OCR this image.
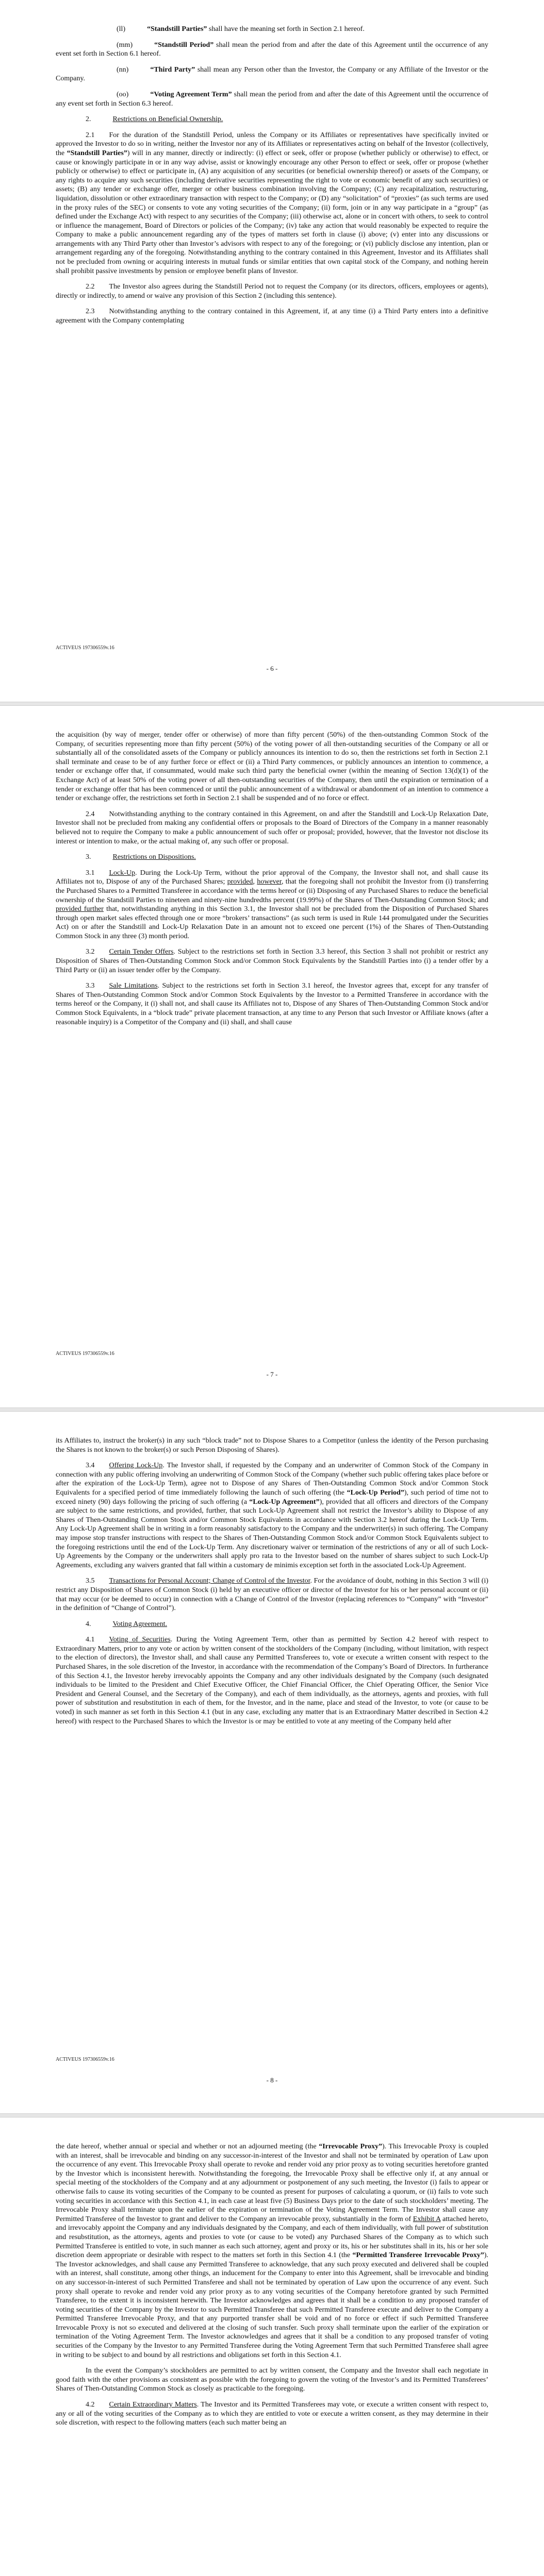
(ll)	“Standstill Parties” shall have the meaning set forth in Section 2.1 hereof.

(mm)	“Standstill Period” shall mean the period from and after the date of this Agreement until the occurrence of any event set forth in Section 6.1 hereof.

(nn)	“Third Party” shall mean any Person other than the Investor, the Company or any Affiliate of the Investor or the Company.

(oo)	“Voting Agreement Term” shall mean the period from and after the date of this Agreement until the occurrence of any event set forth in Section 6.3 hereof.

2.	Restrictions on Beneficial Ownership.

2.1 For the duration of the Standstill Period, unless the Company or its Affiliates or representatives have specifically invited or approved the Investor to do so in writing, neither the Investor nor any of its Affiliates or representatives acting on behalf of the Investor (collectively, the “Standstill Parties”) will in any manner, directly or indirectly: (i) effect or seek, offer or propose (whether publicly or otherwise) to effect, or cause or knowingly participate in or in any way advise, assist or knowingly encourage any other Person to effect or seek, offer or propose (whether publicly or otherwise) to effect or participate in, (A) any acquisition of any securities (or beneficial ownership thereof) or assets of the Company, or any rights to acquire any such securities (including derivative securities representing the right to vote or economic benefit of any such securities) or assets; (B) any tender or exchange offer, merger or other business combination involving the Company; (C) any recapitalization, restructuring, liquidation, dissolution or other extraordinary transaction with respect to the Company; or (D) any “solicitation” of “proxies” (as such terms are used in the proxy rules of the SEC) or consents to vote any voting securities of the Company; (ii) form, join or in any way participate in a “group” (as defined under the Exchange Act) with respect to any securities of the Company; (iii) otherwise act, alone or in concert with others, to seek to control or influence the management, Board of Directors or policies of the Company; (iv) take any action that would reasonably be expected to require the Company to make a public announcement regarding any of the types of matters set forth in clause (i) above; (v) enter into any discussions or arrangements with any Third Party other than Investor’s advisors with respect to any of the foregoing; or (vi) publicly disclose any intention, plan or arrangement regarding any of the foregoing. Notwithstanding anything to the contrary contained in this Agreement, Investor and its Affiliates shall not be precluded from owning or acquiring interests in mutual funds or similar entities that own capital stock of the Company, and nothing herein shall prohibit passive investments by pension or employee benefit plans of Investor.

2.2 The Investor also agrees during the Standstill Period not to request the Company (or its directors, officers, employees or agents), directly or indirectly, to amend or waive any provision of this Section 2 (including this sentence).

2.3 Notwithstanding anything to the contrary contained in this Agreement, if, at any time (i) a Third Party enters into a definitive agreement with the Company contemplating

ACTIVEUS 197306559v.16
- 6 -

the acquisition (by way of merger, tender offer or otherwise) of more than fifty percent (50%) of the then-outstanding Common Stock of the Company, of securities representing more than fifty percent (50%) of the voting power of all then-outstanding securities of the Company or all or substantially all of the consolidated assets of the Company or publicly announces its intention to do so, then the restrictions set forth in Section 2.1 shall terminate and cease to be of any further force or effect or (ii) a Third Party commences, or publicly announces an intention to commence, a tender or exchange offer that, if consummated, would make such third party the beneficial owner (within the meaning of Section 13(d)(1) of the Exchange Act) of at least 50% of the voting power of all then-outstanding securities of the Company, then until the expiration or termination of a tender or exchange offer that has been commenced or until the public announcement of a withdrawal or abandonment of an intention to commence a tender or exchange offer, the restrictions set forth in Section 2.1 shall be suspended and of no force or effect.

2.4 Notwithstanding anything to the contrary contained in this Agreement, on and after the Standstill and Lock-Up Relaxation Date, Investor shall not be precluded from making any confidential offers or proposals to the Board of Directors of the Company in a manner reasonably believed not to require the Company to make a public announcement of such offer or proposal; provided, however, that the Investor not disclose its interest or intention to make, or the actual making of, any such offer or proposal.

3.	Restrictions on Dispositions.

3.1 Lock-Up. During the Lock-Up Term, without the prior approval of the Company, the Investor shall not, and shall cause its Affiliates not to, Dispose of any of the Purchased Shares; provided, however, that the foregoing shall not prohibit the Investor from (i) transferring the Purchased Shares to a Permitted Transferee in accordance with the terms hereof or (ii) Disposing of any Purchased Shares to reduce the beneficial ownership of the Standstill Parties to nineteen and ninety-nine hundredths percent (19.99%) of the Shares of Then-Outstanding Common Stock; and provided further that, notwithstanding anything in this Section 3.1, the Investor shall not be precluded from the Disposition of Purchased Shares through open market sales effected through one or more “brokers’ transactions” (as such term is used in Rule 144 promulgated under the Securities Act) on or after the Standstill and Lock-Up Relaxation Date in an amount not to exceed one percent (1%) of the Shares of Then-Outstanding Common Stock in any three (3) month period.

3.2 Certain Tender Offers. Subject to the restrictions set forth in Section 3.3 hereof, this Section 3 shall not prohibit or restrict any Disposition of Shares of Then-Outstanding Common Stock and/or Common Stock Equivalents by the Standstill Parties into (i) a tender offer by a Third Party or (ii) an issuer tender offer by the Company.

3.3 Sale Limitations. Subject to the restrictions set forth in Section 3.1 hereof, the Investor agrees that, except for any transfer of Shares of Then-Outstanding Common Stock and/or Common Stock Equivalents by the Investor to a Permitted Transferee in accordance with the terms hereof or the Company, it (i) shall not, and shall cause its Affiliates not to, Dispose of any Shares of Then-Outstanding Common Stock and/or Common Stock Equivalents, in a “block trade” private placement transaction, at any time to any Person that such Investor or Affiliate knows (after a reasonable inquiry) is a Competitor of the Company and (ii) shall, and shall cause

ACTIVEUS 197306559v.16
- 7 -

its Affiliates to, instruct the broker(s) in any such “block trade” not to Dispose Shares to a Competitor (unless the identity of the Person purchasing the Shares is not known to the broker(s) or such Person Disposing of Shares).

3.4 Offering Lock-Up. The Investor shall, if requested by the Company and an underwriter of Common Stock of the Company in connection with any public offering involving an underwriting of Common Stock of the Company (whether such public offering takes place before or after the expiration of the Lock-Up Term), agree not to Dispose of any Shares of Then-Outstanding Common Stock and/or Common Stock Equivalents for a specified period of time immediately following the launch of such offering (the “Lock-Up Period”), such period of time not to exceed ninety (90) days following the pricing of such offering (a “Lock-Up Agreement”), provided that all officers and directors of the Company are subject to the same restrictions, and provided, further, that such Lock-Up Agreement shall not restrict the Investor’s ability to Dispose of any Shares of Then-Outstanding Common Stock and/or Common Stock Equivalents in accordance with Section 3.2 hereof during the Lock-Up Term. Any Lock-Up Agreement shall be in writing in a form reasonably satisfactory to the Company and the underwriter(s) in such offering. The Company may impose stop transfer instructions with respect to the Shares of Then-Outstanding Common Stock and/or Common Stock Equivalents subject to the foregoing restrictions until the end of the Lock-Up Term. Any discretionary waiver or termination of the restrictions of any or all of such Lock-Up Agreements by the Company or the underwriters shall apply pro rata to the Investor based on the number of shares subject to such Lock-Up Agreements, excluding any waivers granted that fall within a customary de minimis exception set forth in the associated Lock-Up Agreement.

3.5 Transactions for Personal Account; Change of Control of the Investor. For the avoidance of doubt, nothing in this Section 3 will (i) restrict any Disposition of Shares of Common Stock (i) held by an executive officer or director of the Investor for his or her personal account or (ii) that may occur (or be deemed to occur) in connection with a Change of Control of the Investor (replacing references to “Company” with “Investor” in the definition of “Change of Control”).

4.	Voting Agreement.

4.1 Voting of Securities. During the Voting Agreement Term, other than as permitted by Section 4.2 hereof with respect to Extraordinary Matters, prior to any vote or action by written consent of the stockholders of the Company (including, without limitation, with respect to the election of directors), the Investor shall, and shall cause any Permitted Transferees to, vote or execute a written consent with respect to the Purchased Shares, in the sole discretion of the Investor, in accordance with the recommendation of the Company’s Board of Directors. In furtherance of this Section 4.1, the Investor hereby irrevocably appoints the Company and any other individuals designated by the Company (such designated individuals to be limited to the President and Chief Executive Officer, the Chief Financial Officer, the Chief Operating Officer, the Senior Vice President and General Counsel, and the Secretary of the Company), and each of them individually, as the attorneys, agents and proxies, with full power of substitution and resubstitution in each of them, for the Investor, and in the name, place and stead of the Investor, to vote (or cause to be voted) in such manner as set forth in this Section 4.1 (but in any case, excluding any matter that is an Extraordinary Matter described in Section 4.2 hereof) with respect to the Purchased Shares to which the Investor is or may be entitled to vote at any meeting of the Company held after

ACTIVEUS 197306559v.16
- 8 -

the date hereof, whether annual or special and whether or not an adjourned meeting (the “Irrevocable Proxy”). This Irrevocable Proxy is coupled with an interest, shall be irrevocable and binding on any successor-in-interest of the Investor and shall not be terminated by operation of Law upon the occurrence of any event. This Irrevocable Proxy shall operate to revoke and render void any prior proxy as to voting securities heretofore granted by the Investor which is inconsistent herewith. Notwithstanding the foregoing, the Irrevocable Proxy shall be effective only if, at any annual or special meeting of the stockholders of the Company and at any adjournment or postponement of any such meeting, the Investor (i) fails to appear or otherwise fails to cause its voting securities of the Company to be counted as present for purposes of calculating a quorum, or (ii) fails to vote such voting securities in accordance with this Section 4.1, in each case at least five (5) Business Days prior to the date of such stockholders’ meeting. The Irrevocable Proxy shall terminate upon the earlier of the expiration or termination of the Voting Agreement Term. The Investor shall cause any Permitted Transferee of the Investor to grant and deliver to the Company an irrevocable proxy, substantially in the form of Exhibit A attached hereto, and irrevocably appoint the Company and any individuals designated by the Company, and each of them individually, with full power of substitution and resubstitution, as the attorneys, agents and proxies to vote (or cause to be voted) any Purchased Shares of the Company as to which such Permitted Transferee is entitled to vote, in such manner as each such attorney, agent and proxy or its, his or her substitutes shall in its, his or her sole discretion deem appropriate or desirable with respect to the matters set forth in this Section 4.1 (the “Permitted Transferee Irrevocable Proxy”). The Investor acknowledges, and shall cause any Permitted Transferee to acknowledge, that any such proxy executed and delivered shall be coupled with an interest, shall constitute, among other things, an inducement for the Company to enter into this Agreement, shall be irrevocable and binding on any successor-in-interest of such Permitted Transferee and shall not be terminated by operation of Law upon the occurrence of any event. Such proxy shall operate to revoke and render void any prior proxy as to any voting securities of the Company heretofore granted by such Permitted Transferee, to the extent it is inconsistent herewith. The Investor acknowledges and agrees that it shall be a condition to any proposed transfer of voting securities of the Company by the Investor to such Permitted Transferee that such Permitted Transferee execute and deliver to the Company a Permitted Transferee Irrevocable Proxy, and that any purported transfer shall be void and of no force or effect if such Permitted Transferee Irrevocable Proxy is not so executed and delivered at the closing of such transfer. Such proxy shall terminate upon the earlier of the expiration or termination of the Voting Agreement Term. The Investor acknowledges and agrees that it shall be a condition to any proposed transfer of voting securities of the Company by the Investor to any Permitted Transferee during the Voting Agreement Term that such Permitted Transferee shall agree in writing to be subject to and bound by all restrictions and obligations set forth in this Section 4.1.

In the event the Company’s stockholders are permitted to act by written consent, the Company and the Investor shall each negotiate in good faith with the other provisions as consistent as possible with the foregoing to govern the voting of the Investor’s and its Permitted Transferees’ Shares of Then-Outstanding Common Stock as closely as practicable to the foregoing.

4.2 Certain Extraordinary Matters. The Investor and its Permitted Transferees may vote, or execute a written consent with respect to, any or all of the voting securities of the Company as to which they are entitled to vote or execute a written consent, as they may determine in their sole discretion, with respect to the following matters (each such matter being an
